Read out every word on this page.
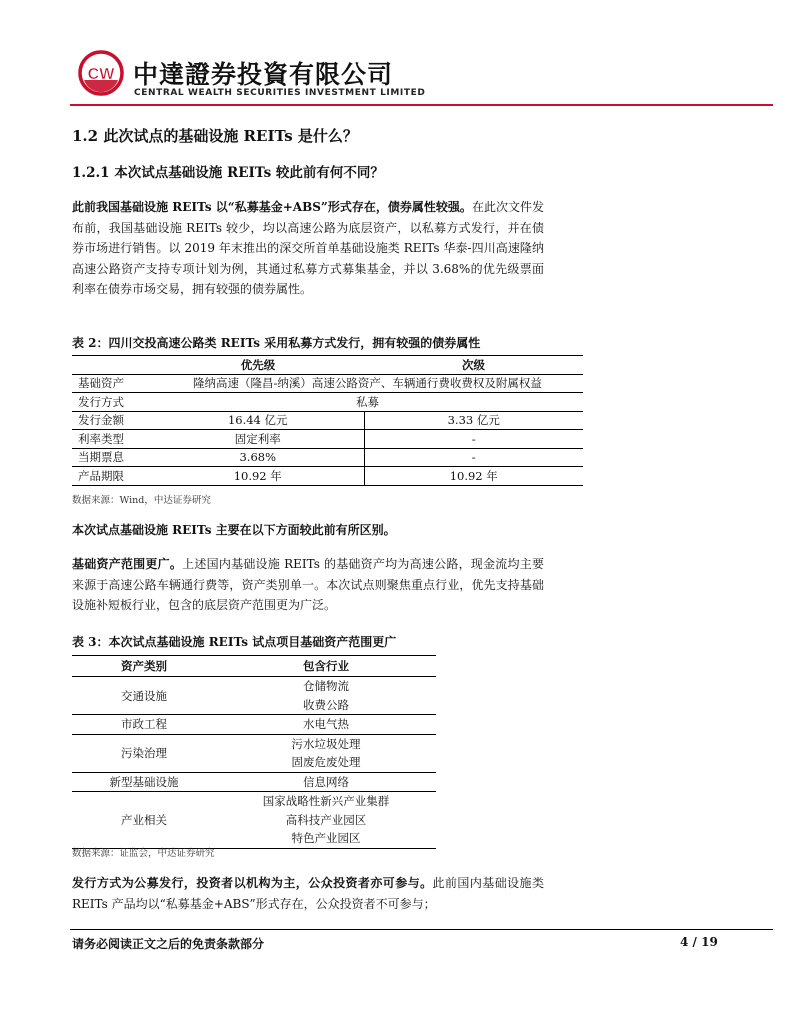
CW 中達證券投資有限公司
CENTRAL WEALTH SECURITIES INVESTMENT LIMITED
1.2 此次试点的基础设施 REITs 是什么？
1.2.1 本次试点基础设施 REITs 较此前有何不同？
此前我国基础设施 REITs 以“私募基金+ABS”形式存在，债券属性较强。在此次文件发布前，我国基础设施 REITs 较少，均以高速公路为底层资产，以私募方式发行，并在债券市场进行销售。以 2019 年末推出的深交所首单基础设施类 REITs 华泰-四川高速隆纳高速公路资产支持专项计划为例，其通过私募方式募集基金，并以 3.68%的优先级票面利率在债券市场交易，拥有较强的债券属性。
表 2：四川交投高速公路类 REITs 采用私募方式发行，拥有较强的债券属性
	优先级	次级
基础资产	隆纳高速（隆昌-纳溪）高速公路资产、车辆通行费收费权及附属权益	
发行方式	私募	
发行金额	16.44 亿元	3.33 亿元
利率类型	固定利率	-
当期票息	3.68%	-
产品期限	10.92 年	10.92 年
数据来源：Wind，中达证券研究
本次试点基础设施 REITs 主要在以下方面较此前有所区别。
基础资产范围更广。上述国内基础设施 REITs 的基础资产均为高速公路，现金流均主要来源于高速公路车辆通行费等，资产类别单一。本次试点则聚焦重点行业，优先支持基础设施补短板行业，包含的底层资产范围更为广泛。
表 3：本次试点基础设施 REITs 试点项目基础资产范围更广
资产类别	包含行业
交通设施	仓储物流
收费公路

市政工程	水电气热

污染治理	污水垃圾处理
固废危废处理

新型基础设施	信息网络

产业相关	国家战略性新兴产业集群
高科技产业园区
特色产业园区
数据来源：证监会，中达证券研究
发行方式为公募发行，投资者以机构为主，公众投资者亦可参与。此前国内基础设施类 REITs 产品均以“私募基金+ABS”形式存在，公众投资者不可参与；
请务必阅读正文之后的免责条款部分	4 / 19
